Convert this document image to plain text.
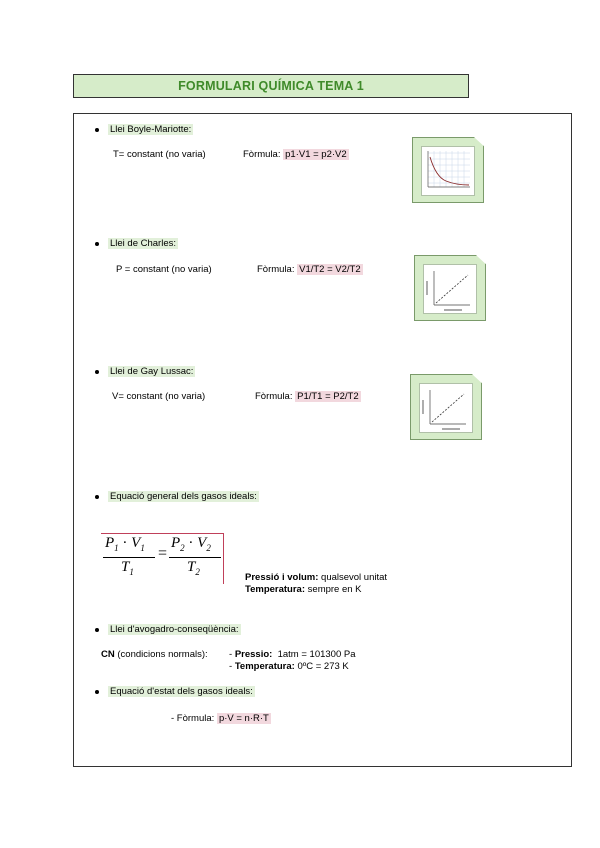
FORMULARI QUÍMICA TEMA 1
Llei Boyle-Mariotte:
T= constant (no varia)	Fòrmula: p1·V1 = p2·V2
Llei de Charles:
P = constant (no varia)	Fòrmula: V1/T2 = V2/T2
Llei de Gay Lussac:
V= constant (no varia)	Fòrmula: P1/T1 = P2/T2
Equació general dels gasos ideals:
$P_1 \cdot V_1$
$T_1$
=
$P_2 \cdot V_2$
$T_2$	Pressió i volum: qualsevol unitat
Temperatura: sempre en K
Llei d'avogadro-conseqüència:
CN (condicions normals): - Pressio: 1atm = 101300 Pa
- Temperatura: 0ºC = 273 K
Equació d'estat dels gasos ideals:
- Fòrmula: p·V = n·R·T
